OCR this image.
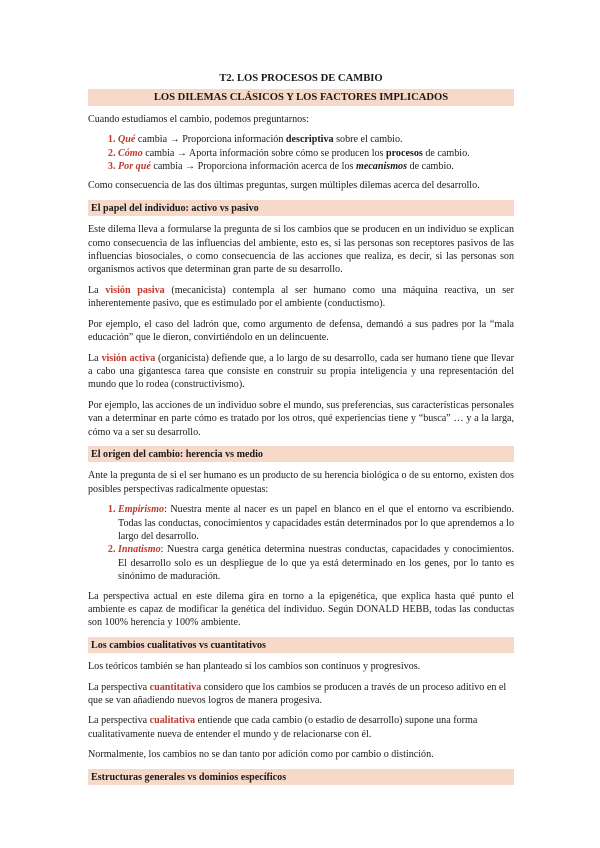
T2. LOS PROCESOS DE CAMBIO
LOS DILEMAS CLÁSICOS Y LOS FACTORES IMPLICADOS

Cuando estudiamos el cambio, podemos preguntarnos:

1. Qué cambia → Proporciona información descriptiva sobre el cambio.
2. Cómo cambia → Aporta información sobre cómo se producen los procesos de cambio.
3. Por qué cambia → Proporciona información acerca de los mecanismos de cambio.

Como consecuencia de las dos últimas preguntas, surgen múltiples dilemas acerca del desarrollo.

El papel del individuo: activo vs pasivo

Este dilema lleva a formularse la pregunta de si los cambios que se producen en un individuo se explican como consecuencia de las influencias del ambiente, esto es, si las personas son receptores pasivos de las influencias biosociales, o como consecuencia de las acciones que realiza, es decir, si las personas son organismos activos que determinan gran parte de su desarrollo.

La visión pasiva (mecanicista) contempla al ser humano como una máquina reactiva, un ser inherentemente pasivo, que es estimulado por el ambiente (conductismo).

Por ejemplo, el caso del ladrón que, como argumento de defensa, demandó a sus padres por la “mala educación” que le dieron, convirtiéndolo en un delincuente.

La visión activa (organicista) defiende que, a lo largo de su desarrollo, cada ser humano tiene que llevar a cabo una gigantesca tarea que consiste en construir su propia inteligencia y una representación del mundo que lo rodea (constructivismo).

Por ejemplo, las acciones de un individuo sobre el mundo, sus preferencias, sus características personales van a determinar en parte cómo es tratado por los otros, qué experiencias tiene y “busca” … y a la larga, cómo va a ser su desarrollo.

El origen del cambio: herencia vs medio

Ante la pregunta de si el ser humano es un producto de su herencia biológica o de su entorno, existen dos posibles perspectivas radicalmente opuestas:

1. Empirismo: Nuestra mente al nacer es un papel en blanco en el que el entorno va escribiendo. Todas las conductas, conocimientos y capacidades están determinados por lo que aprendemos a lo largo del desarrollo.
2. Innatismo: Nuestra carga genética determina nuestras conductas, capacidades y conocimientos. El desarrollo solo es un despliegue de lo que ya está determinado en los genes, por lo tanto es sinónimo de maduración.

La perspectiva actual en este dilema gira en torno a la epigenética, que explica hasta qué punto el ambiente es capaz de modificar la genética del individuo. Según DONALD HEBB, todas las conductas son 100% herencia y 100% ambiente.

Los cambios cualitativos vs cuantitativos

Los teóricos también se han planteado si los cambios son continuos y progresivos.

La perspectiva cuantitativa considero que los cambios se producen a través de un proceso aditivo en el que se van añadiendo nuevos logros de manera progesiva.

La perspectiva cualitativa entiende que cada cambio (o estadio de desarrollo) supone una forma cualitativamente nueva de entender el mundo y de relacionarse con él.

Normalmente, los cambios no se dan tanto por adición como por cambio o distinción.

Estructuras generales vs dominios específicos
